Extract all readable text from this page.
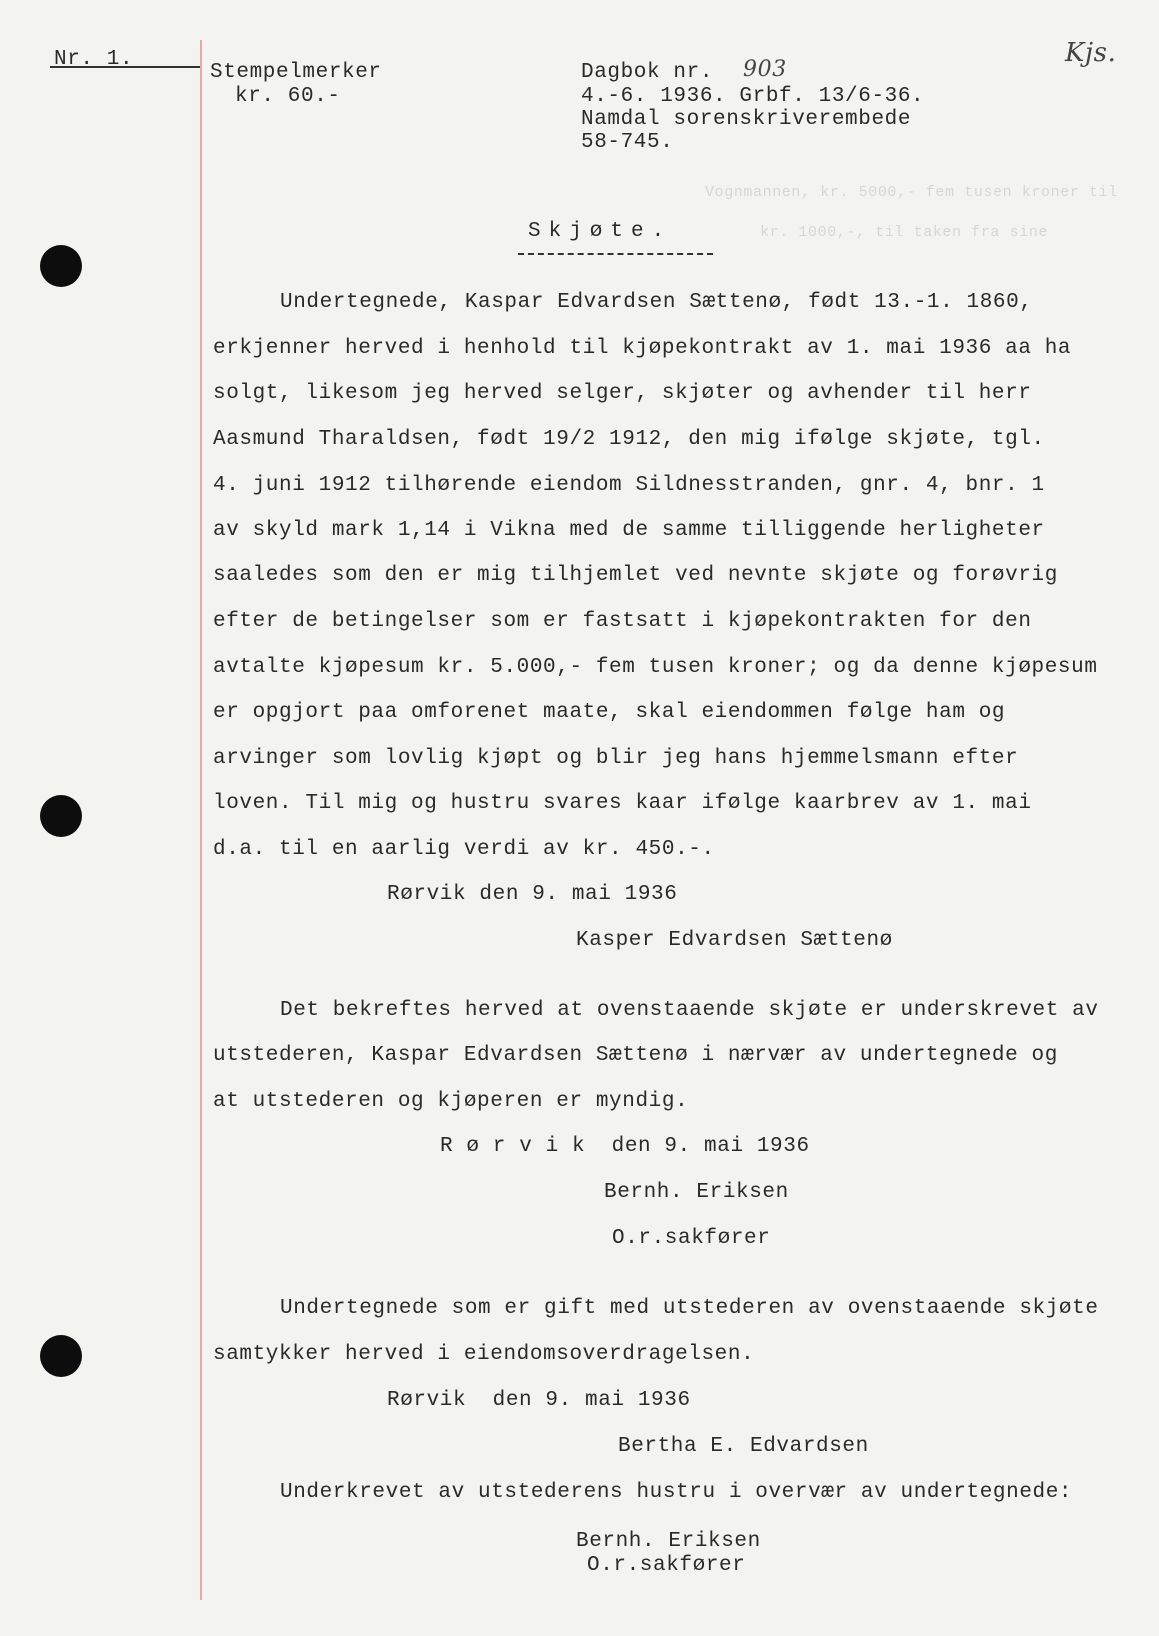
Vognmannen, kr. 5000,- fem tusen kroner til
kr. 1000,-, til taken fra sine
Nr. 1.
Stempelmerker
kr. 60.-
Dagbok nr. 903
4.-6. 1936. Grbf. 13/6-36.
Namdal sorenskriverembede
58-745.
Kjs.
Skjøte.
Undertegnede, Kaspar Edvardsen Sættenø, født 13.-1. 1860,
erkjenner herved i henhold til kjøpekontrakt av 1. mai 1936 aa ha
solgt, likesom jeg herved selger, skjøter og avhender til herr
Aasmund Tharaldsen, født 19/2 1912, den mig ifølge skjøte, tgl.
4. juni 1912 tilhørende eiendom Sildnesstranden, gnr. 4, bnr. 1
av skyld mark 1,14 i Vikna med de samme tilliggende herligheter
saaledes som den er mig tilhjemlet ved nevnte skjøte og forøvrig
efter de betingelser som er fastsatt i kjøpekontrakten for den
avtalte kjøpesum kr. 5.000,- fem tusen kroner; og da denne kjøpesum
er opgjort paa omforenet maate, skal eiendommen følge ham og
arvinger som lovlig kjøpt og blir jeg hans hjemmelsmann efter
loven. Til mig og hustru svares kaar ifølge kaarbrev av 1. mai
d.a. til en aarlig verdi av kr. 450.-.
Rørvik den 9. mai 1936
Kasper Edvardsen Sættenø
Det bekreftes herved at ovenstaaende skjøte er underskrevet av
utstederen, Kaspar Edvardsen Sættenø i nærvær av undertegnede og
at utstederen og kjøperen er myndig.
R ø r v i k  den 9. mai 1936
Bernh. Eriksen
O.r.sakfører
Undertegnede som er gift med utstederen av ovenstaaende skjøte
samtykker herved i eiendomsoverdragelsen.
Rørvik  den 9. mai 1936
Bertha E. Edvardsen
Underkrevet av utstederens hustru i overvær av undertegnede:
Bernh. Eriksen
O.r.sakfører
